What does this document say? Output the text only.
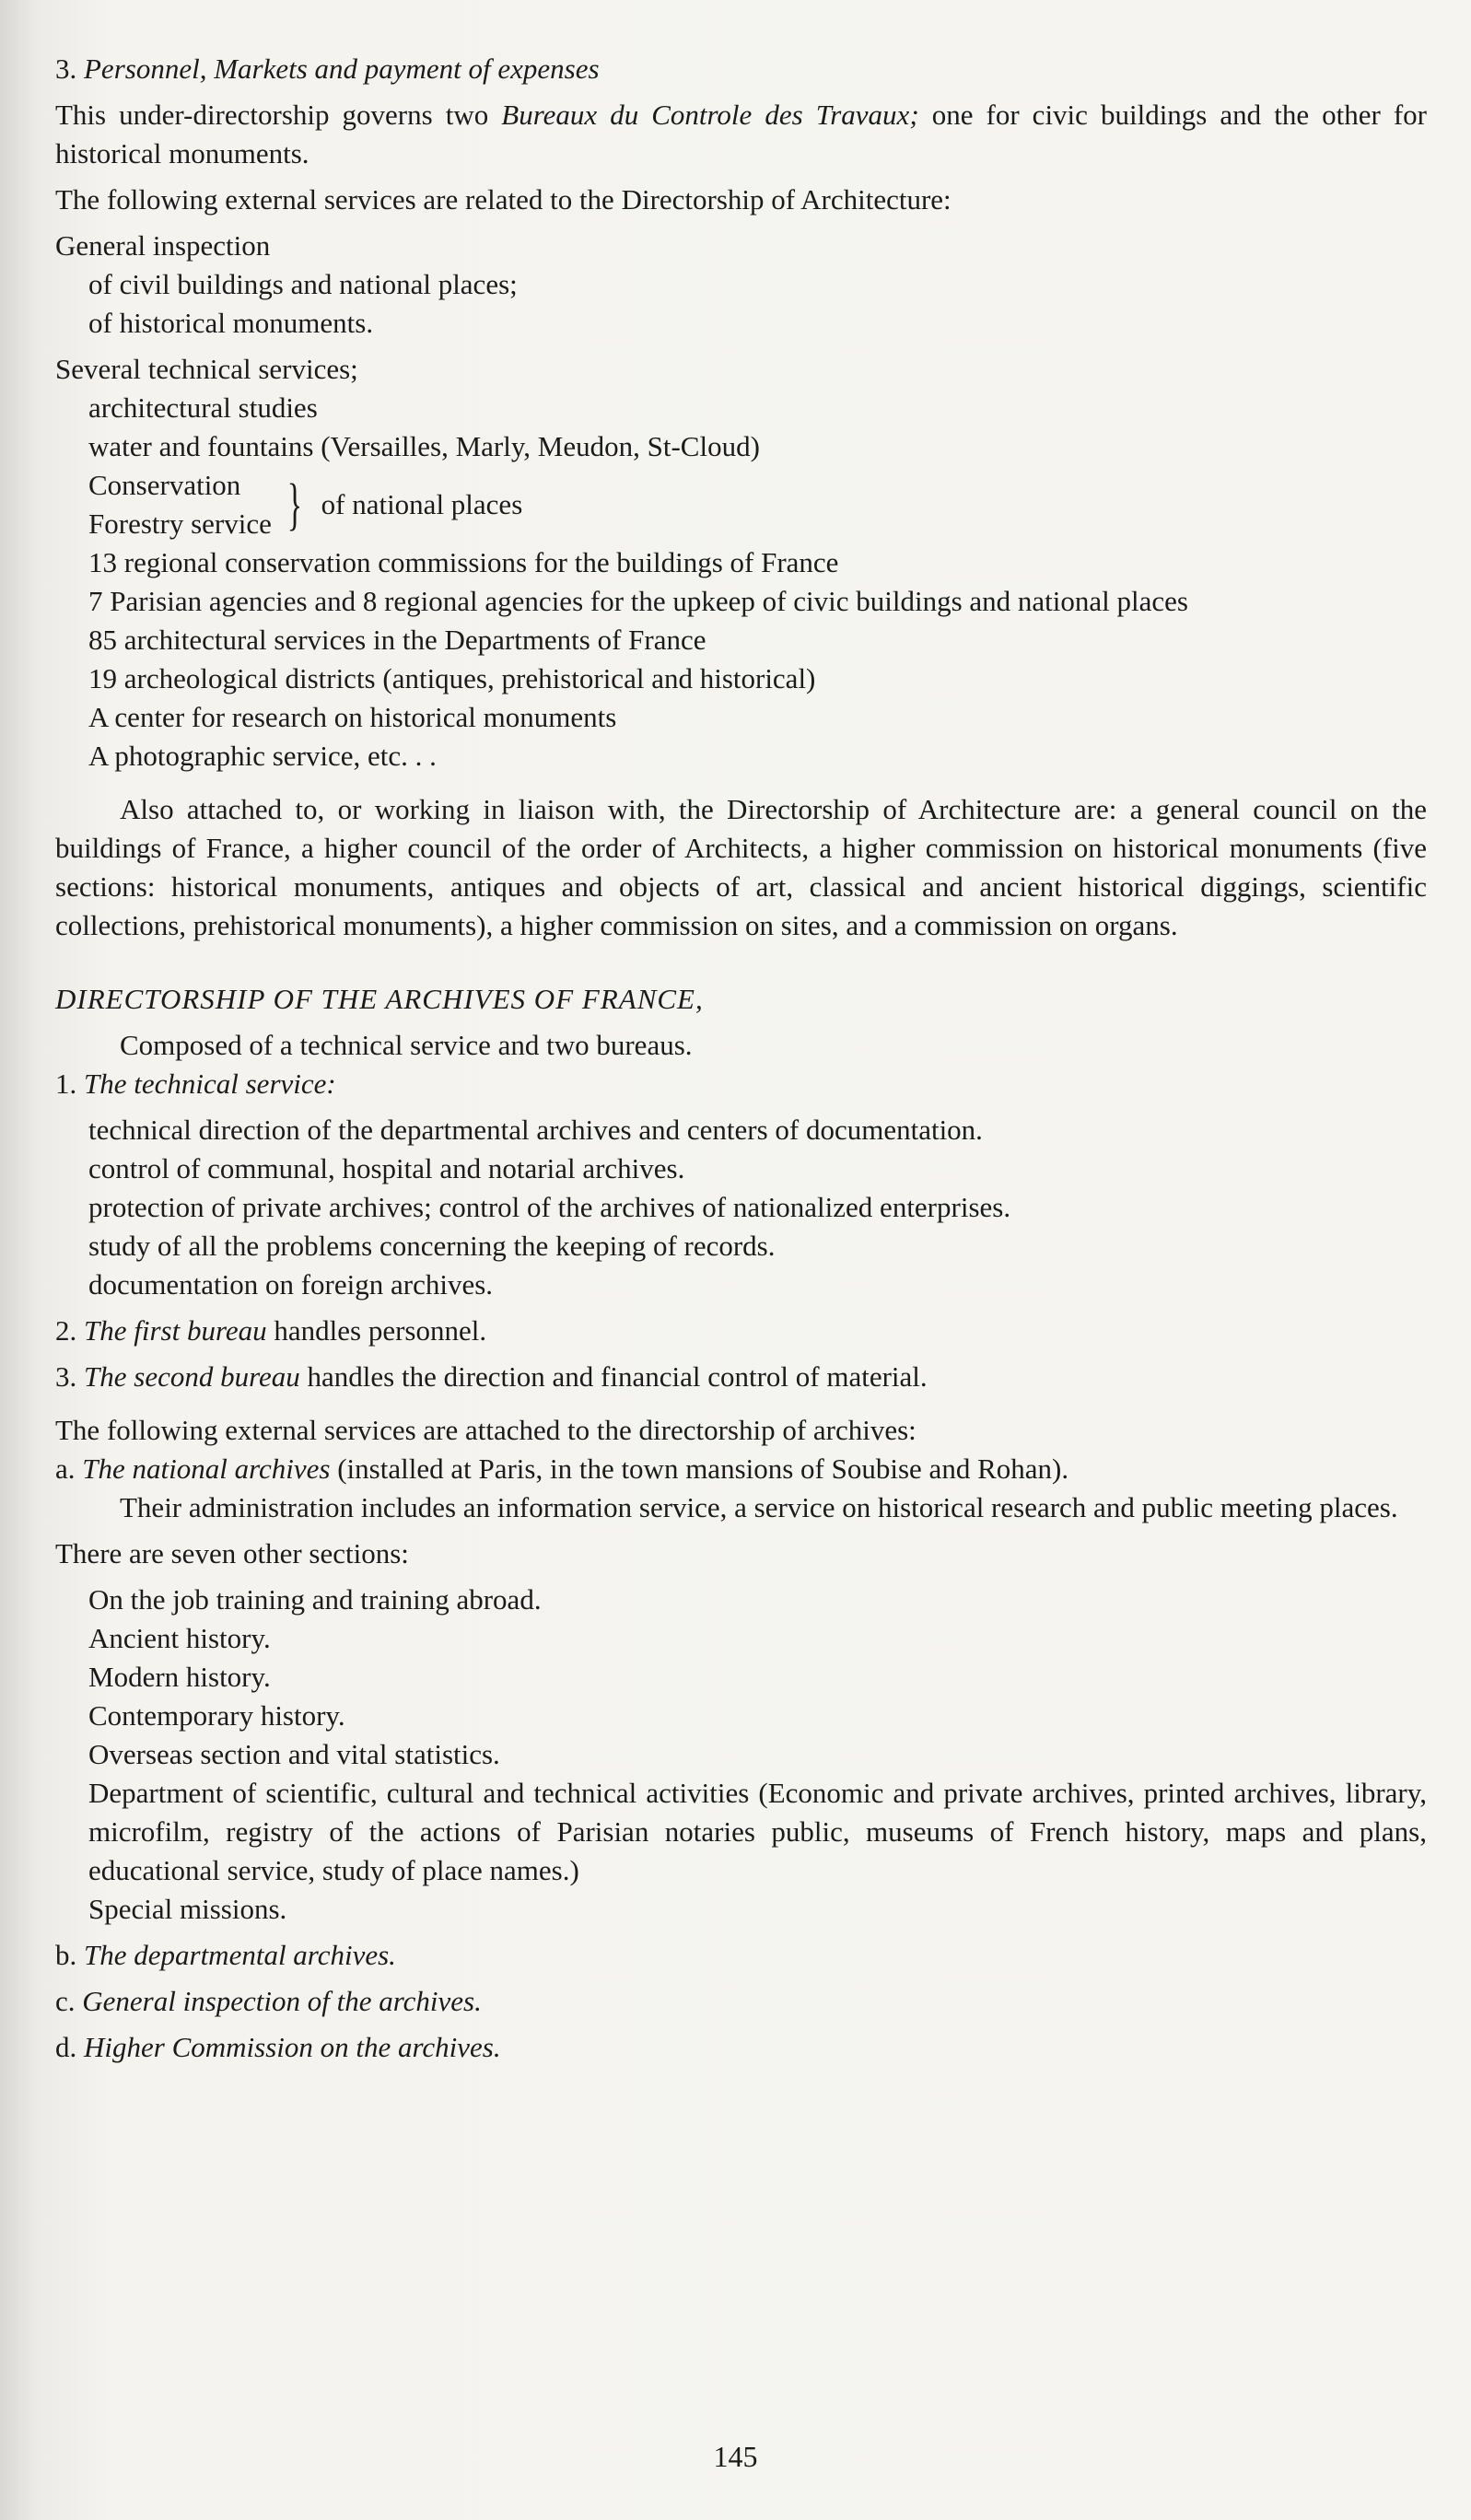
3. Personnel, Markets and payment of expenses

This under-directorship governs two Bureaux du Controle des Travaux; one for civic buildings and the other for historical monuments.

The following external services are related to the Directorship of Architecture:

General inspection

of civil buildings and national places;
of historical monuments.

Several technical services;

architectural studies
water and fountains (Versailles, Marly, Meudon, St-Cloud)
Conservation
Forestry service } of national places
13 regional conservation commissions for the buildings of France
7 Parisian agencies and 8 regional agencies for the upkeep of civic buildings and national places
85 architectural services in the Departments of France
19 archeological districts (antiques, prehistorical and historical)
A center for research on historical monuments
A photographic service, etc. . .

Also attached to, or working in liaison with, the Directorship of Architecture are: a general council on the buildings of France, a higher council of the order of Architects, a higher commission on historical monuments (five sections: historical monuments, antiques and objects of art, classical and ancient historical diggings, scientific collections, prehistorical monuments), a higher commission on sites, and a commission on organs.

DIRECTORSHIP OF THE ARCHIVES OF FRANCE,

Composed of a technical service and two bureaus.

1. The technical service:

technical direction of the departmental archives and centers of documentation.
control of communal, hospital and notarial archives.
protection of private archives; control of the archives of nationalized enterprises.
study of all the problems concerning the keeping of records.
documentation on foreign archives.

2. The first bureau handles personnel.

3. The second bureau handles the direction and financial control of material.

The following external services are attached to the directorship of archives:

a. The national archives (installed at Paris, in the town mansions of Soubise and Rohan).

Their administration includes an information service, a service on historical research and public meeting places.

There are seven other sections:

On the job training and training abroad.
Ancient history.
Modern history.
Contemporary history.
Overseas section and vital statistics.
Department of scientific, cultural and technical activities (Economic and private archives, printed archives, library, microfilm, registry of the actions of Parisian notaries public, museums of French history, maps and plans, educational service, study of place names.)
Special missions.

b. The departmental archives.

c. General inspection of the archives.

d. Higher Commission on the archives.

145
